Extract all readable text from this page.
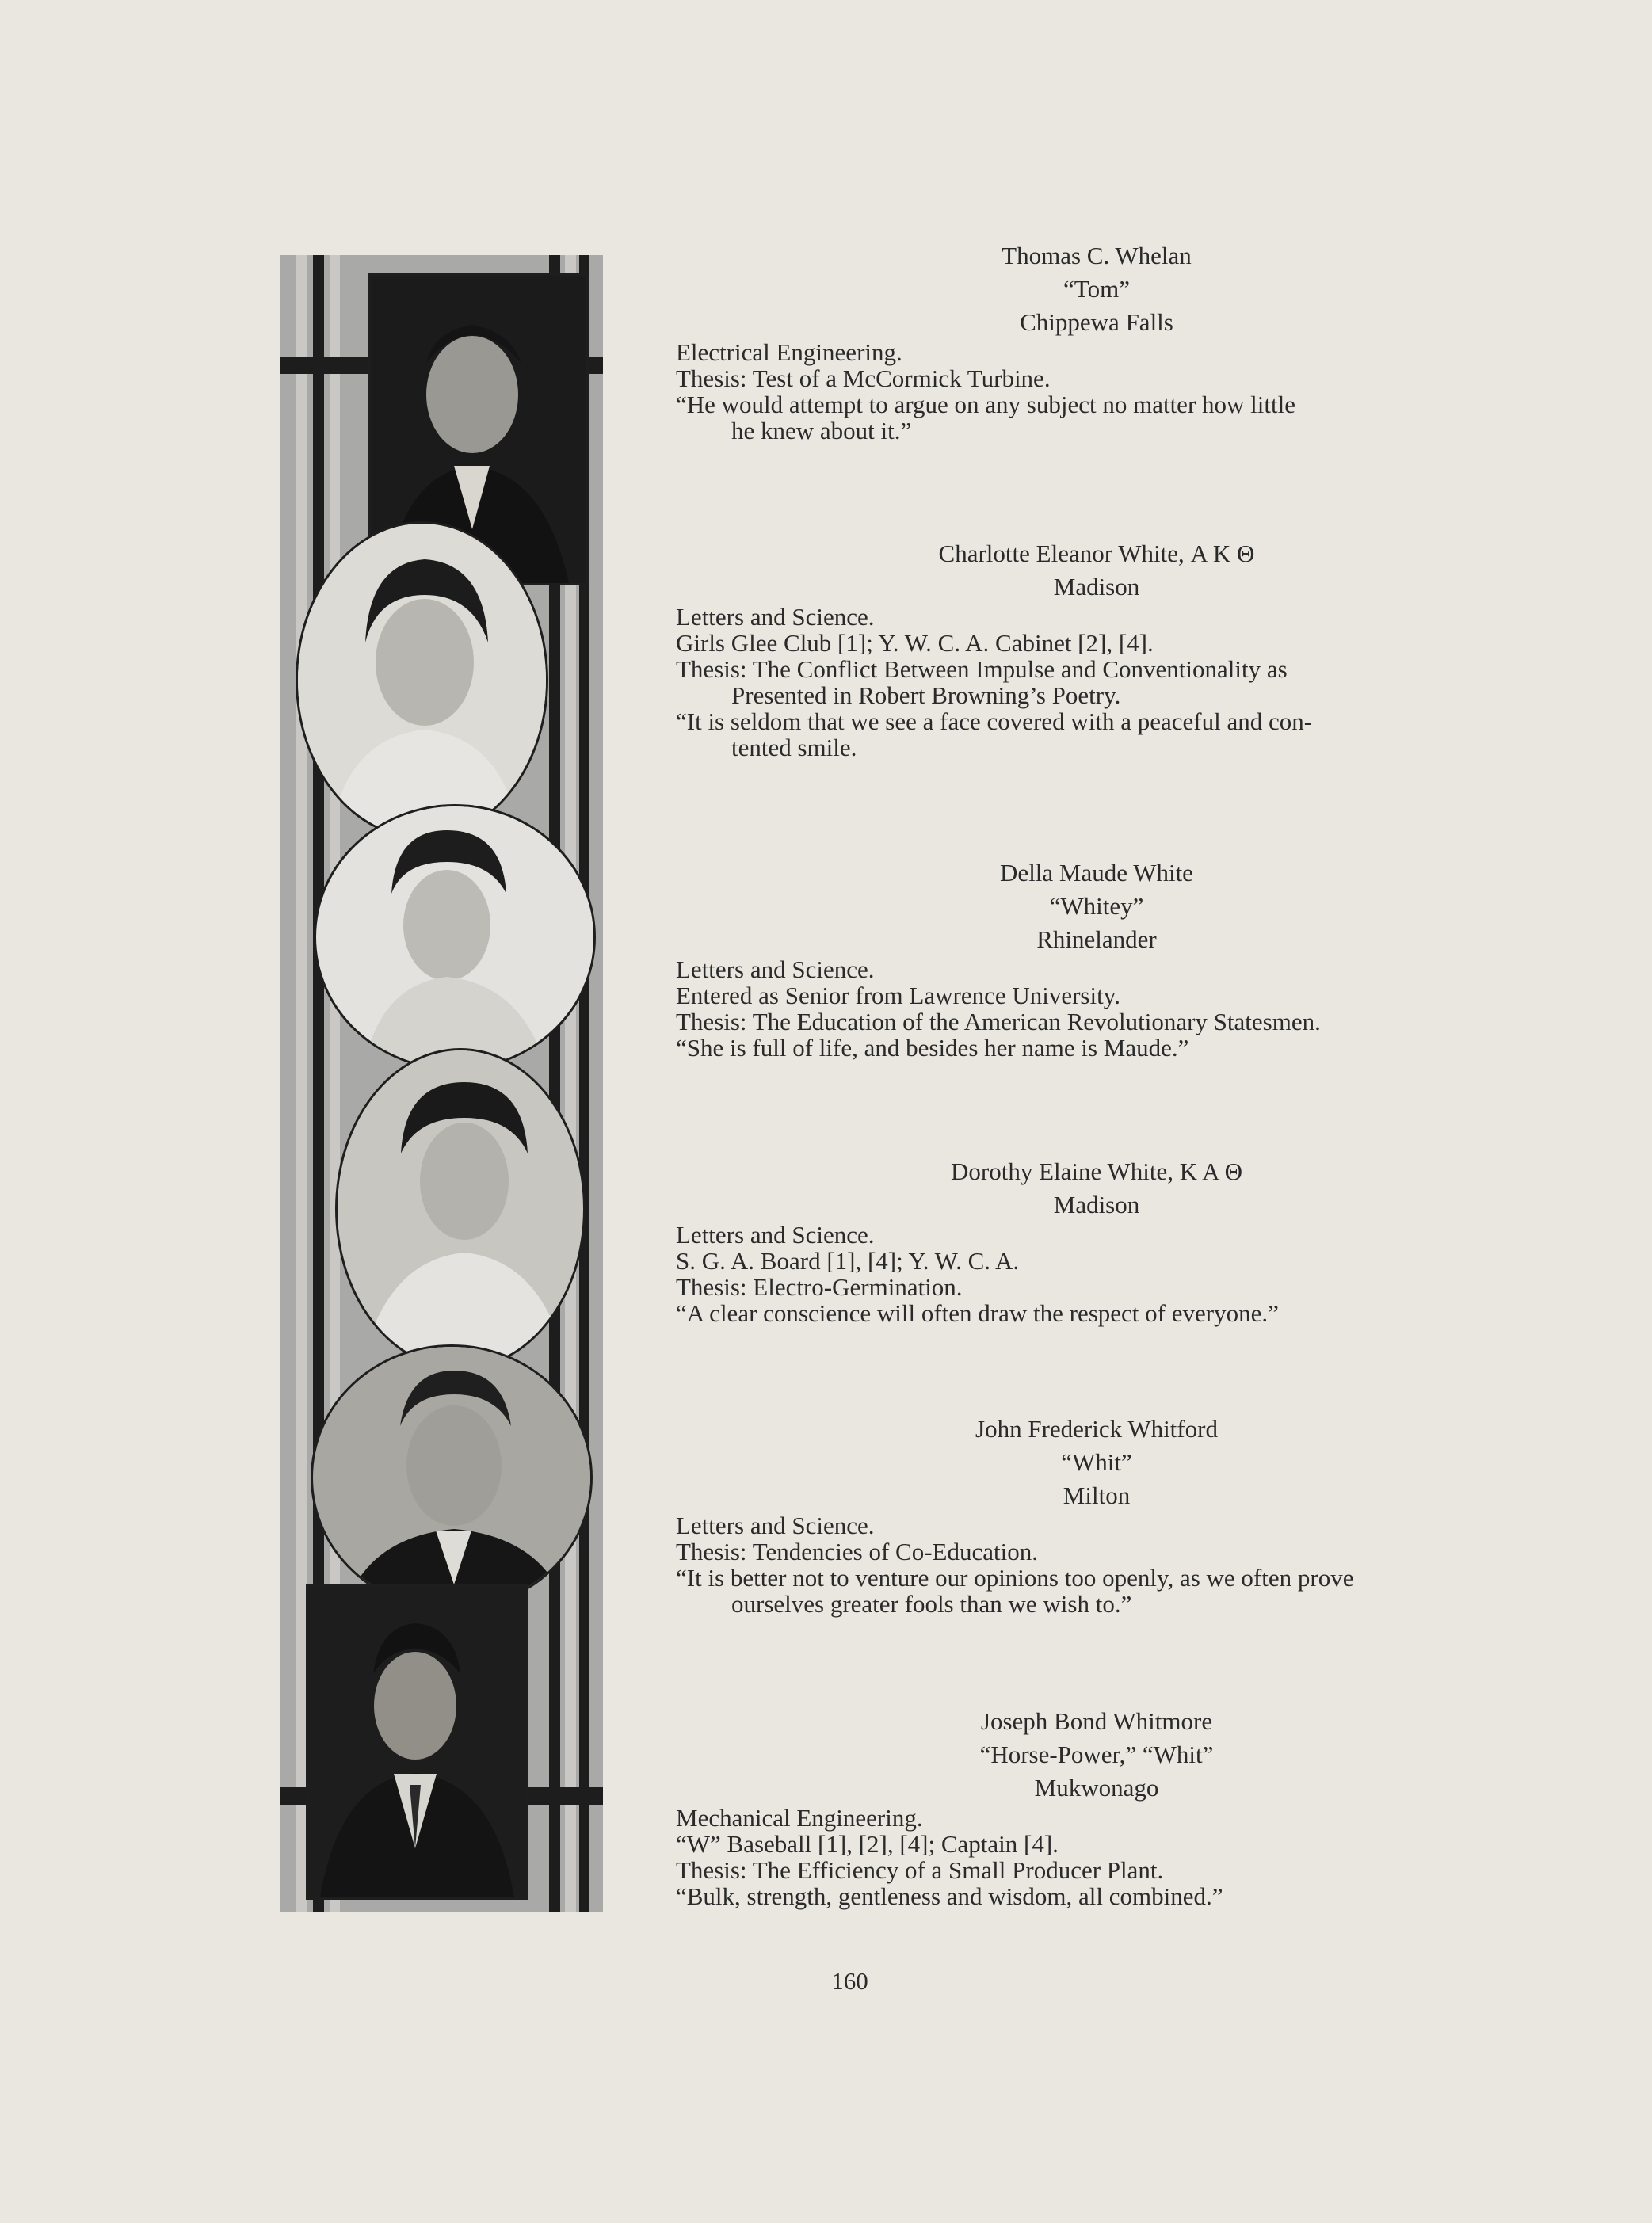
Thomas C. Whelan
“Tom”
Chippewa Falls
Electrical Engineering.
Thesis: Test of a McCormick Turbine.
“He would attempt to argue on any subject no matter how little
he knew about it.”
Charlotte Eleanor White, Α Κ Θ
Madison
Letters and Science.
Girls Glee Club [1]; Y. W. C. A. Cabinet [2], [4].
Thesis: The Conflict Between Impulse and Conventionality as
Presented in Robert Browning’s Poetry.
“It is seldom that we see a face covered with a peaceful and con-
tented smile.
Della Maude White
“Whitey”
Rhinelander
Letters and Science.
Entered as Senior from Lawrence University.
Thesis: The Education of the American Revolutionary Statesmen.
“She is full of life, and besides her name is Maude.”
Dorothy Elaine White, Κ Α Θ
Madison
Letters and Science.
S. G. A. Board [1], [4]; Y. W. C. A.
Thesis: Electro-Germination.
“A clear conscience will often draw the respect of everyone.”
John Frederick Whitford
“Whit”
Milton
Letters and Science.
Thesis: Tendencies of Co-Education.
“It is better not to venture our opinions too openly, as we often prove
ourselves greater fools than we wish to.”
Joseph Bond Whitmore
“Horse-Power,” “Whit”
Mukwonago
Mechanical Engineering.
“W” Baseball [1], [2], [4]; Captain [4].
Thesis: The Efficiency of a Small Producer Plant.
“Bulk, strength, gentleness and wisdom, all combined.”
160
